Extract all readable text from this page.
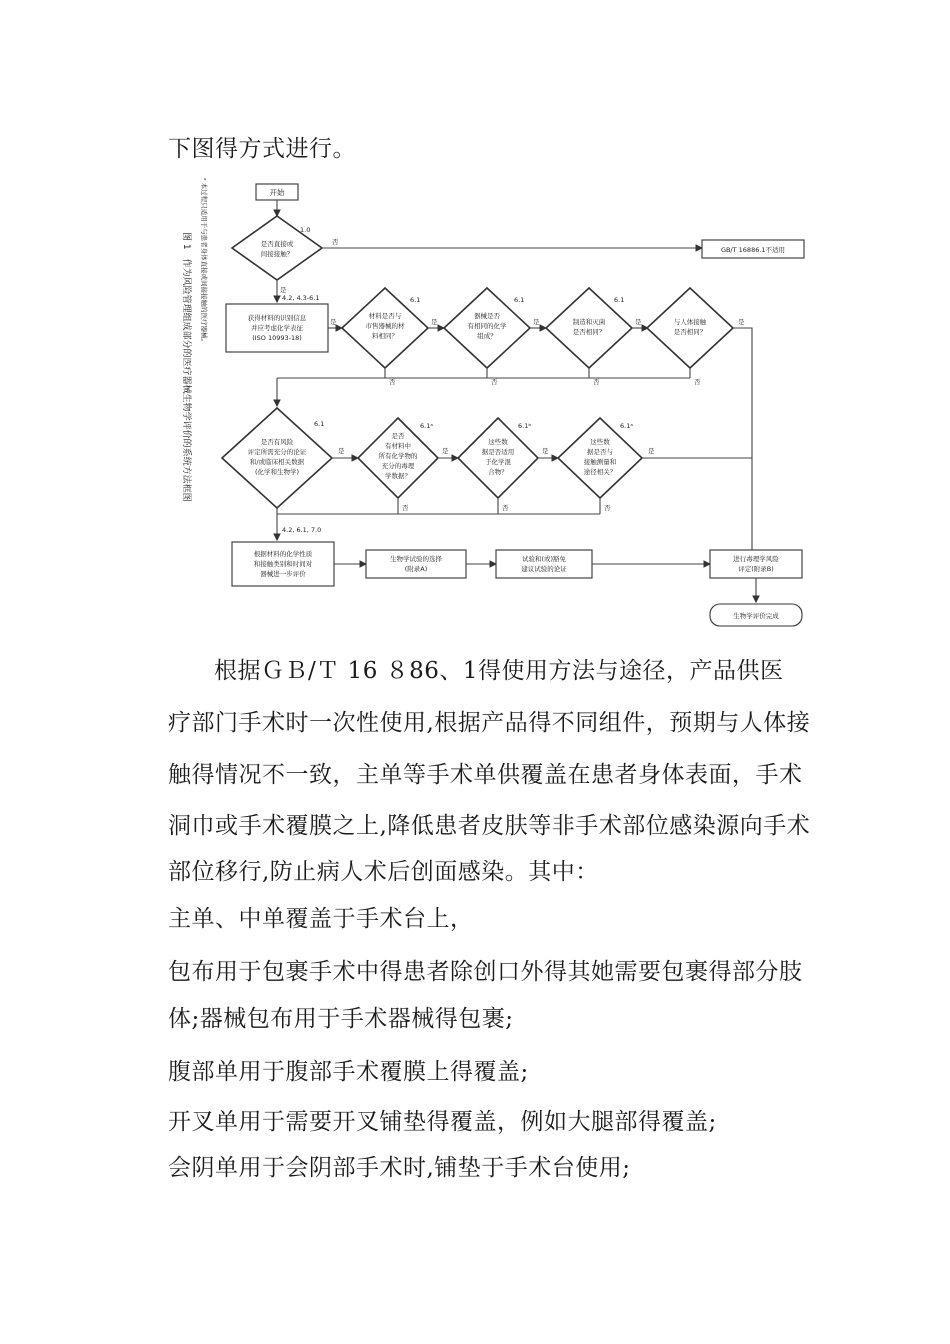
下图得方式进行。
图 1　作为风险管理组成部分的医疗器械生物学评价的系统方法框图	ᵃ 本过程只适用于与患者身体直接或间接接触的医疗器械。	开始
是否直接或
间接接触？
1.0
否
GB/T 16886.1不适用
是
4.2, 4.3-6.1
获得材料的识别信息
并应考虑化学表征
(ISO 10993-18)
是
材料是否与
市售器械的材
料相同？
6.1
是
器械是否
有相同的化学
组成？
6.1
是	制造和灭菌
是否相同？
6.1
是	与人体接触
是否相同？
是
否	否	否	否
是否有风险
评定所需充分的论证
和/或临床相关数据
(化学和生物学)
6.1
是
是否
有材料中
所有化学物的
充分的毒理
学数据？
6.1ᵃ
是
这些数
据是否适用
于化学混
合物？
6.1ᵇ
是
这些数
据是否与
接触测量和
途径相关？
6.1ᵃ
是
否	否	否
4.2, 6.1, 7.0
根据材料的化学性质
和接触类别和时间对
器械进一步评价
生物学试验的选择
(附录A)
试验和(或)豁免
建议试验的论证
进行毒理学风险
评定(附录B)
生物学评价完成
根据ＧＢ/Ｔ 16 ８86、1得使用方法与途径，产品供医
疗部门手术时一次性使用,根据产品得不同组件，预期与人体接
触得情况不一致，主单等手术单供覆盖在患者身体表面，手术
洞巾或手术覆膜之上,降低患者皮肤等非手术部位感染源向手术
部位移行,防止病人术后创面感染。其中：
主单、中单覆盖于手术台上，
包布用于包裹手术中得患者除创口外得其她需要包裹得部分肢
体;器械包布用于手术器械得包裹;
腹部单用于腹部手术覆膜上得覆盖;
开叉单用于需要开叉铺垫得覆盖，例如大腿部得覆盖;
会阴单用于会阴部手术时,铺垫于手术台使用;
